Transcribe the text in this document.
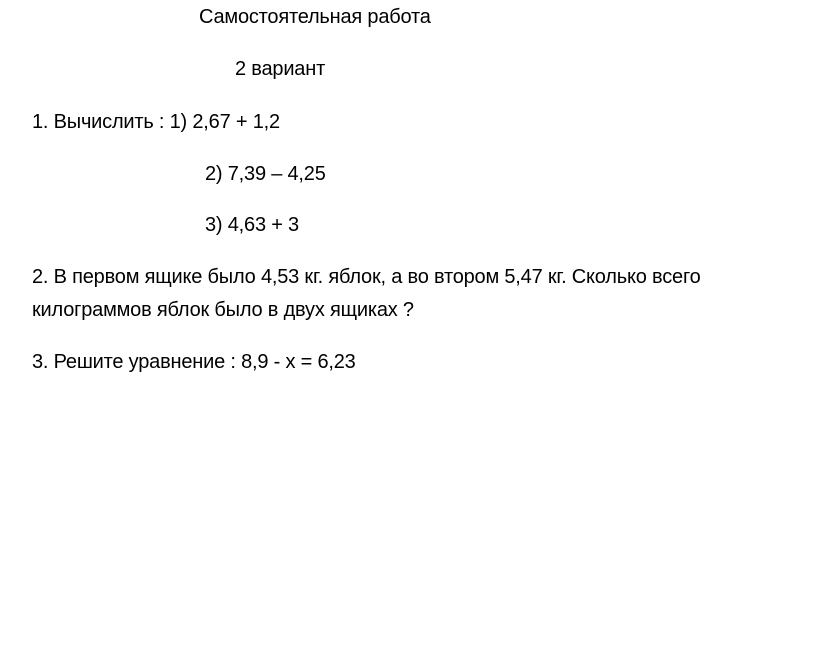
Самостоятельная работа
2 вариант
1. Вычислить : 1) 2,67 + 1,2
2) 7,39 – 4,25
3) 4,63 + 3
2. В первом ящике было 4,53 кг. яблок, а во втором 5,47 кг. Сколько всего
килограммов яблок было в двух ящиках ?
3. Решите уравнение : 8,9 - х = 6,23
